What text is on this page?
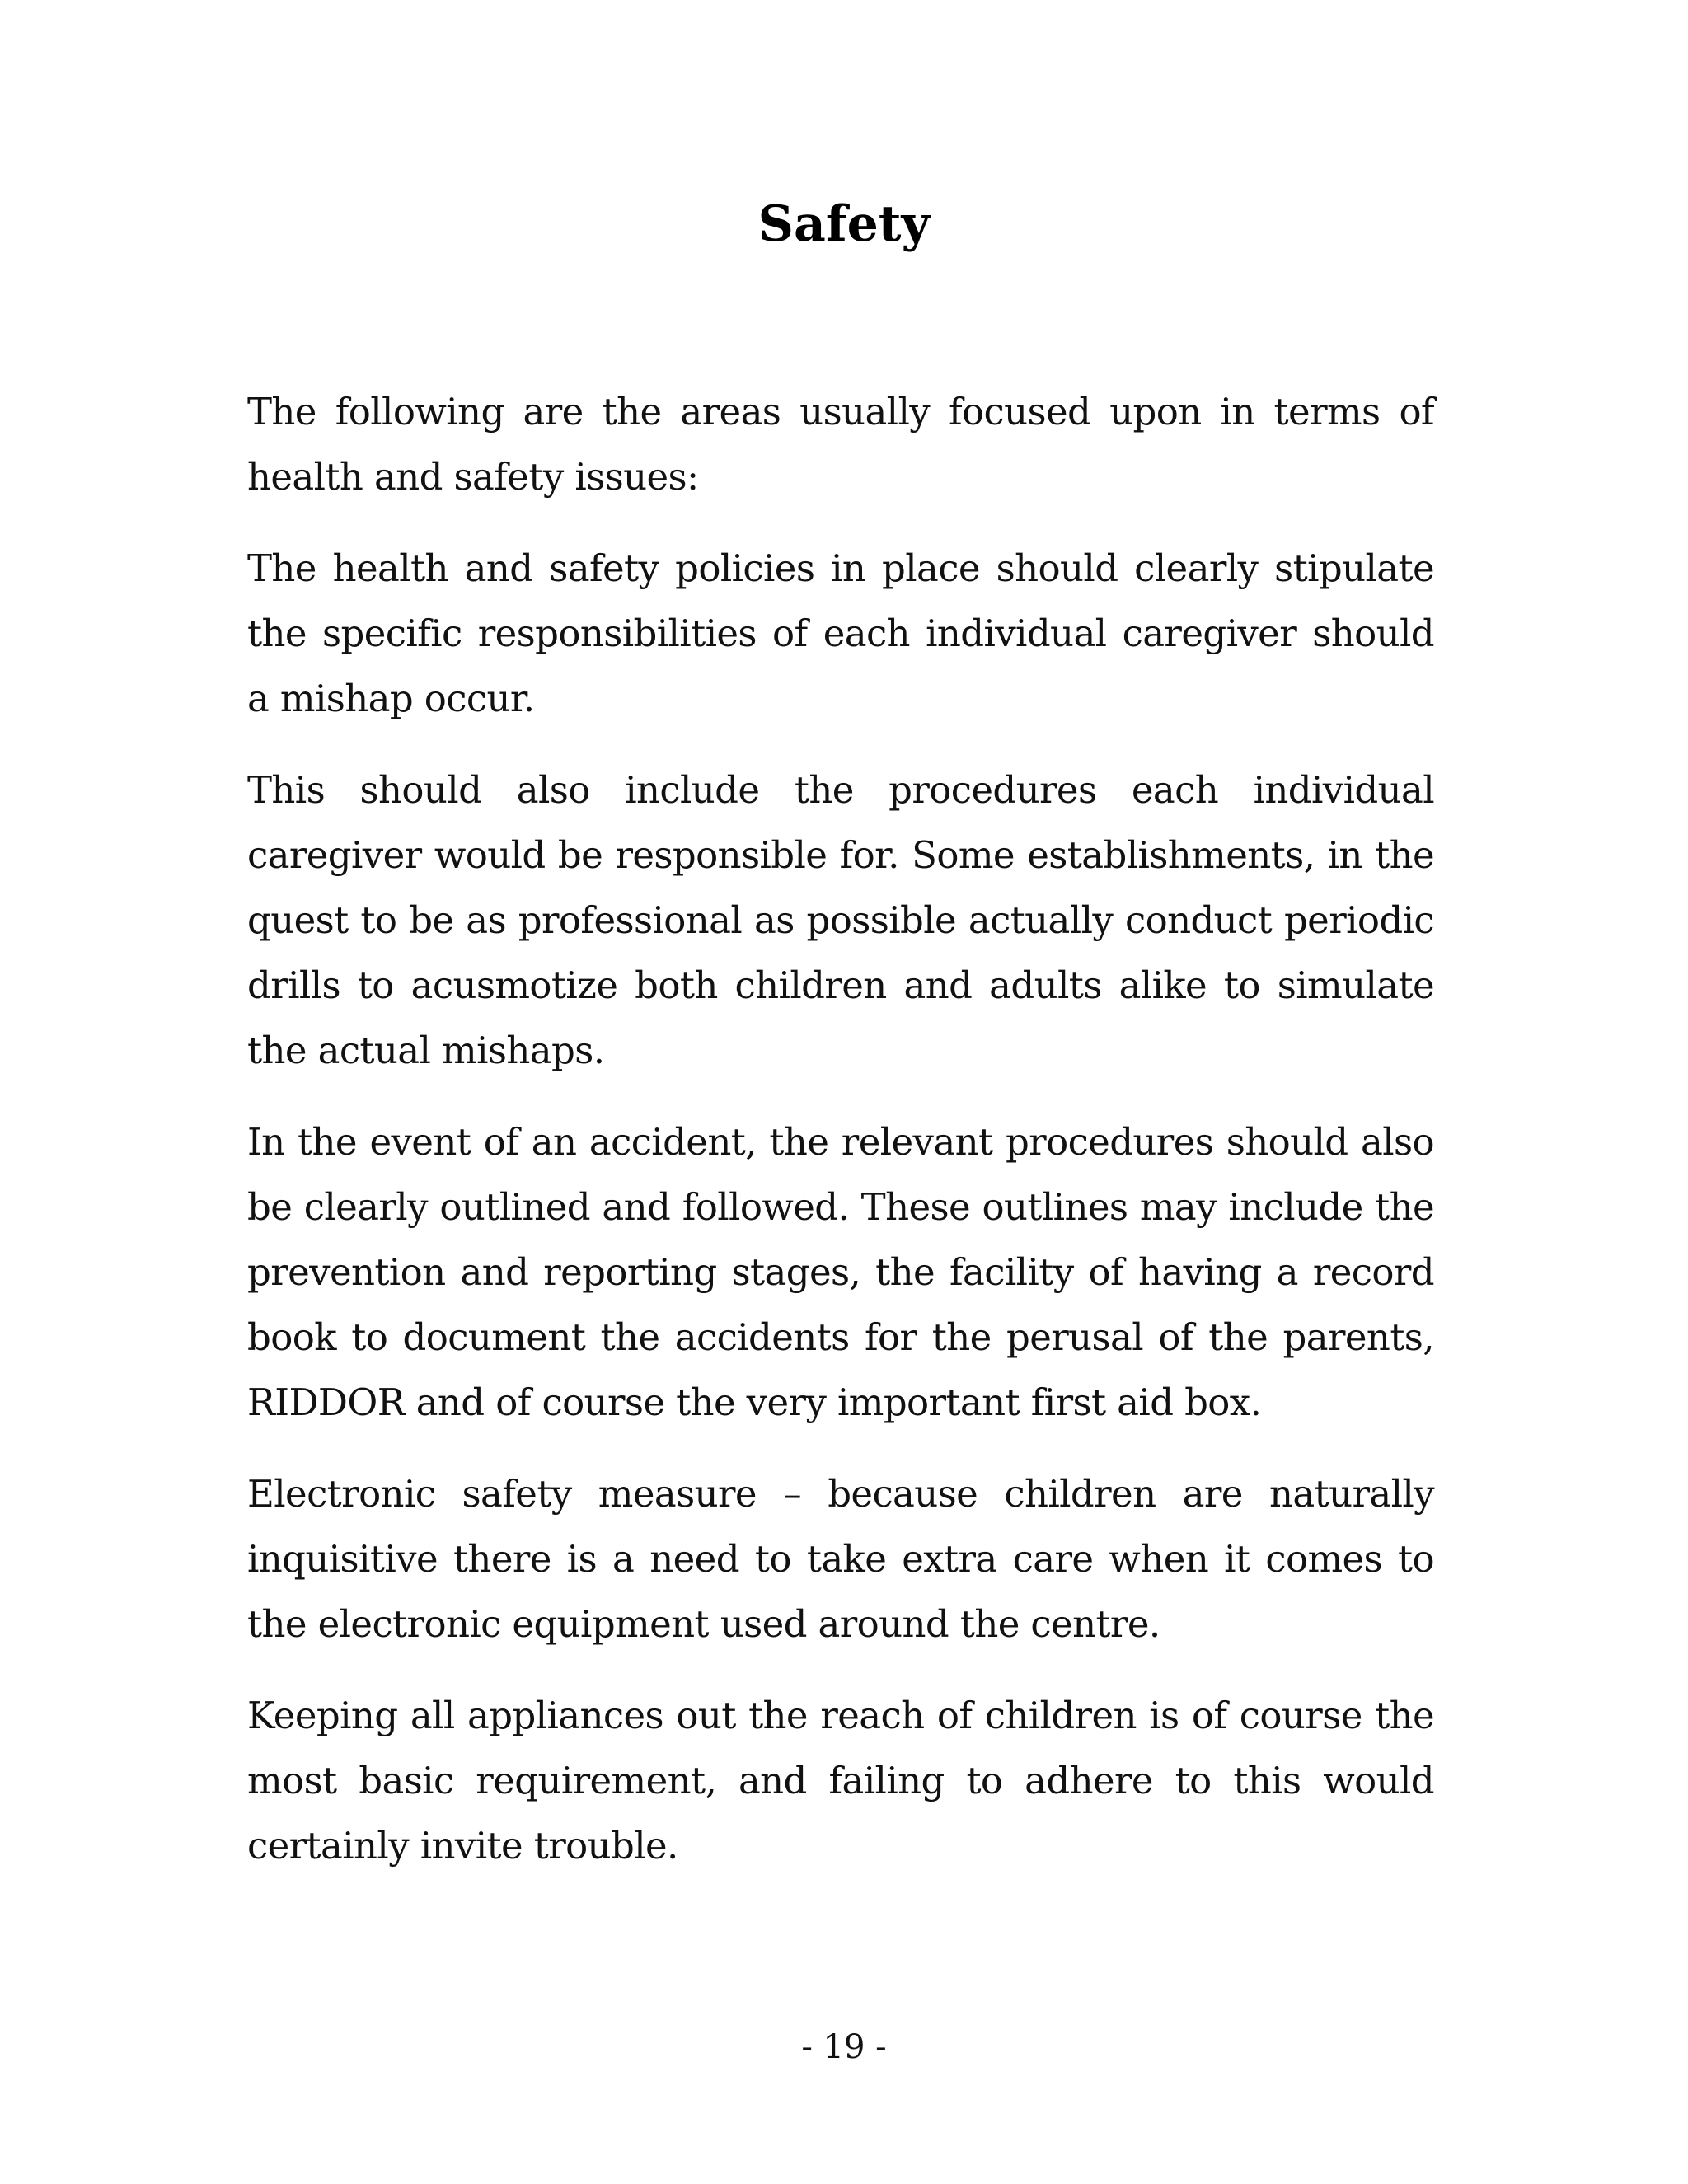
Safety

The following are the areas usually focused upon in terms of health and safety issues:

The health and safety policies in place should clearly stipulate the specific responsibilities of each individual caregiver should a mishap occur.

This should also include the procedures each individual caregiver would be responsible for. Some establishments, in the quest to be as professional as possible actually conduct periodic drills to acusmotize both children and adults alike to simulate the actual mishaps.

In the event of an accident, the relevant procedures should also be clearly outlined and followed. These outlines may include the prevention and reporting stages, the facility of having a record book to document the accidents for the perusal of the parents, RIDDOR and of course the very important first aid box.

Electronic safety measure – because children are naturally inquisitive there is a need to take extra care when it comes to the electronic equipment used around the centre.

Keeping all appliances out the reach of children is of course the most basic requirement, and failing to adhere to this would certainly invite trouble.

- 19 -
